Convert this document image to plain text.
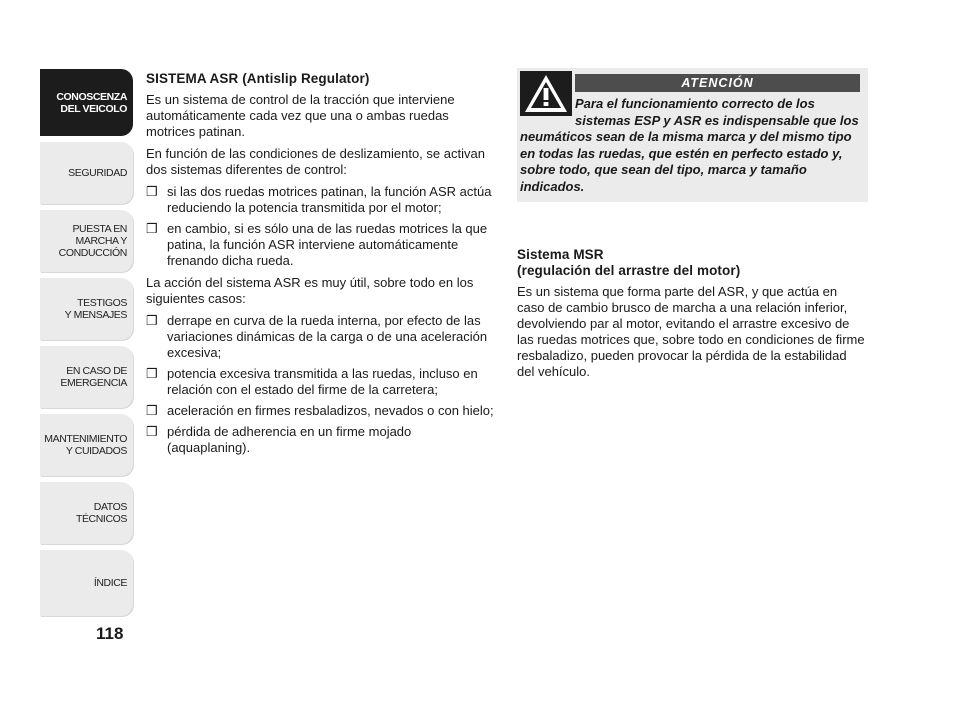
CONOSCENZA
DEL VEICOLO
SEGURIDAD
PUESTA EN
MARCHA Y
CONDUCCIÓN
TESTIGOS
Y MENSAJES
EN CASO DE
EMERGENCIA
MANTENIMIENTO
Y CUIDADOS
DATOS
TÉCNICOS
ÍNDICE
118
SISTEMA ASR (Antislip Regulator)

Es un sistema de control de la tracción que interviene automáticamente cada vez que una o ambas ruedas motrices patinan.

En función de las condiciones de deslizamiento, se activan dos sistemas diferentes de control:

❒ si las dos ruedas motrices patinan, la función ASR actúa reduciendo la potencia transmitida por el motor;
❒ en cambio, si es sólo una de las ruedas motrices la que patina, la función ASR interviene automáticamente frenando dicha rueda.

La acción del sistema ASR es muy útil, sobre todo en los siguientes casos:

❒ derrape en curva de la rueda interna, por efecto de las variaciones dinámicas de la carga o de una aceleración excesiva;
❒ potencia excesiva transmitida a las ruedas, incluso en relación con el estado del firme de la carretera;
❒ aceleración en firmes resbaladizos, nevados o con hielo;
❒ pérdida de adherencia en un firme mojado (aquaplaning).
ATENCIÓN
Para el funcionamiento correcto de los sistemas ESP y ASR es indispensable que los neumáticos sean de la misma marca y del mismo tipo en todas las ruedas, que estén en perfecto estado y, sobre todo, que sean del tipo, marca y tamaño indicados.
Sistema MSR
(regulación del arrastre del motor)

Es un sistema que forma parte del ASR, y que actúa en caso de cambio brusco de marcha a una relación inferior, devolviendo par al motor, evitando el arrastre excesivo de las ruedas motrices que, sobre todo en condiciones de firme resbaladizo, pueden provocar la pérdida de la estabilidad del vehículo.
